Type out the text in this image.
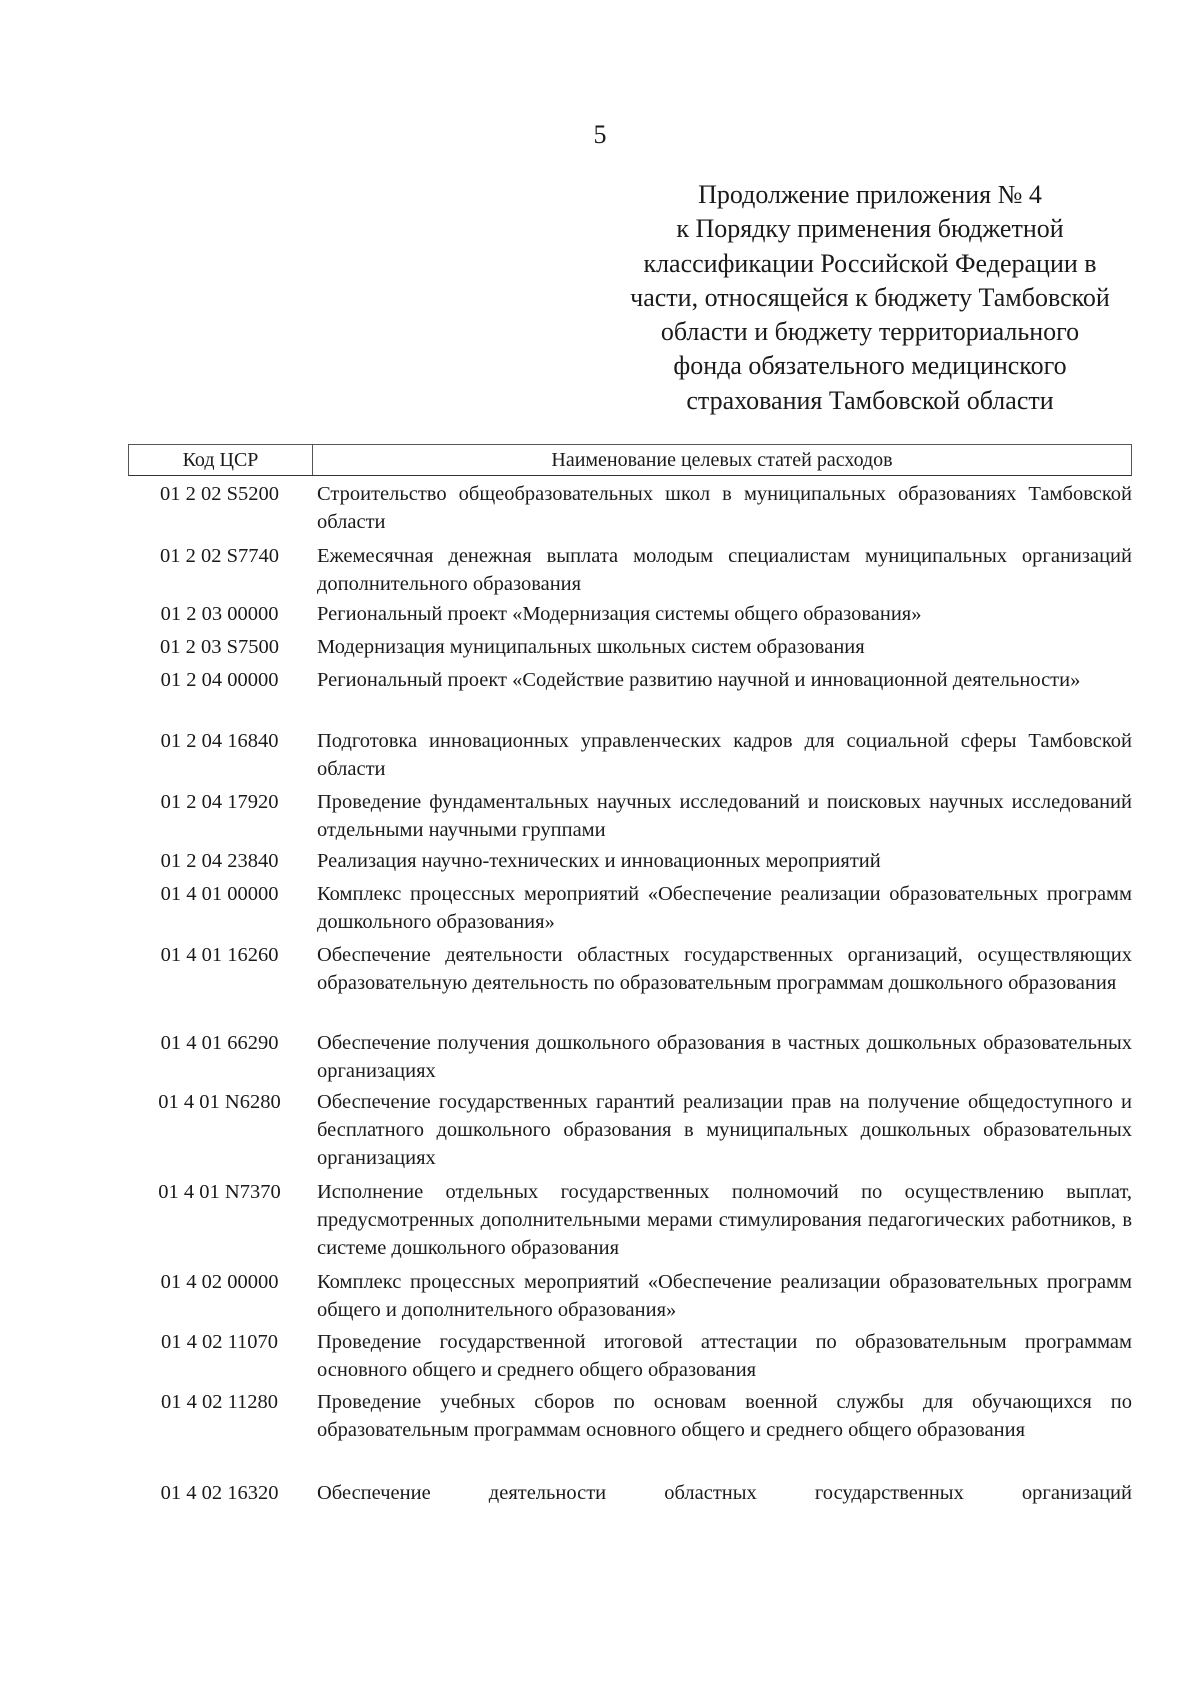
5
Продолжение приложения № 4
к Порядку применения бюджетной
классификации Российской Федерации в
части, относящейся к бюджету Тамбовской
области и бюджету территориального
фонда обязательного медицинского
страхования Тамбовской области
Код ЦСР	Наименование целевых статей расходов
01 2 02 S5200	Строительство общеобразовательных школ в муниципальных образованиях Тамбовской области
01 2 02 S7740	Ежемесячная денежная выплата молодым специалистам муниципальных организаций дополнительного образования
01 2 03 00000	Региональный проект «Модернизация системы общего образования»
01 2 03 S7500	Модернизация муниципальных школьных систем образования
01 2 04 00000	Региональный проект «Содействие развитию научной и инновационной деятельности»
01 2 04 16840	Подготовка инновационных управленческих кадров для социальной сферы Тамбовской области
01 2 04 17920	Проведение фундаментальных научных исследований и поисковых научных исследований отдельными научными группами
01 2 04 23840	Реализация научно-технических и инновационных мероприятий
01 4 01 00000	Комплекс процессных мероприятий «Обеспечение реализации образовательных программ дошкольного образования»
01 4 01 16260	Обеспечение деятельности областных государственных организаций, осуществляющих образовательную деятельность по образовательным программам дошкольного образования
01 4 01 66290	Обеспечение получения дошкольного образования в частных дошкольных образовательных организациях
01 4 01 N6280	Обеспечение государственных гарантий реализации прав на получение общедоступного и бесплатного дошкольного образования в муниципальных дошкольных образовательных организациях
01 4 01 N7370	Исполнение отдельных государственных полномочий по осуществлению выплат, предусмотренных дополнительными мерами стимулирования педагогических работников, в системе дошкольного образования
01 4 02 00000	Комплекс процессных мероприятий «Обеспечение реализации образовательных программ общего и дополнительного образования»
01 4 02 11070	Проведение государственной итоговой аттестации по образовательным программам основного общего и среднего общего образования
01 4 02 11280	Проведение учебных сборов по основам военной службы для обучающихся по образовательным программам основного общего и среднего общего образования
01 4 02 16320	Обеспечение деятельности областных государственных организаций
